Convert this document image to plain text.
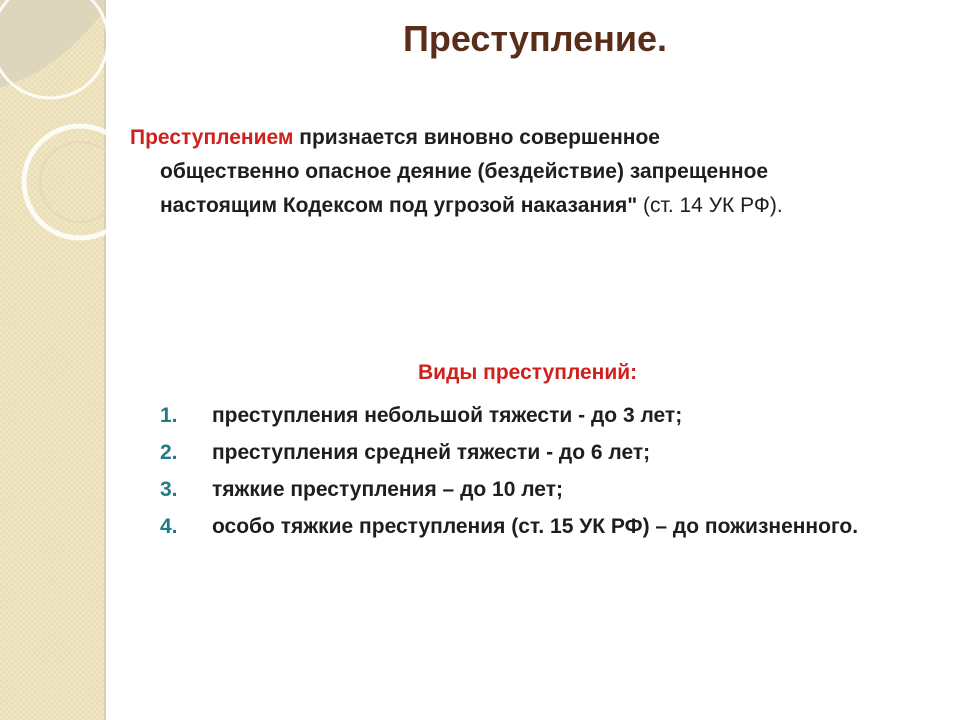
Преступление.

Преступлением признается виновно совершенное
общественно опасное деяние (бездействие) запрещенное
настоящим Кодексом под угрозой наказания" (ст. 14 УК РФ).

Виды преступлений:
1.	преступления небольшой тяжести - до 3 лет;
2.	преступления средней тяжести - до 6 лет;
3.	тяжкие преступления – до 10 лет;
4.	особо тяжкие преступления (ст. 15 УК РФ) – до пожизненного.
